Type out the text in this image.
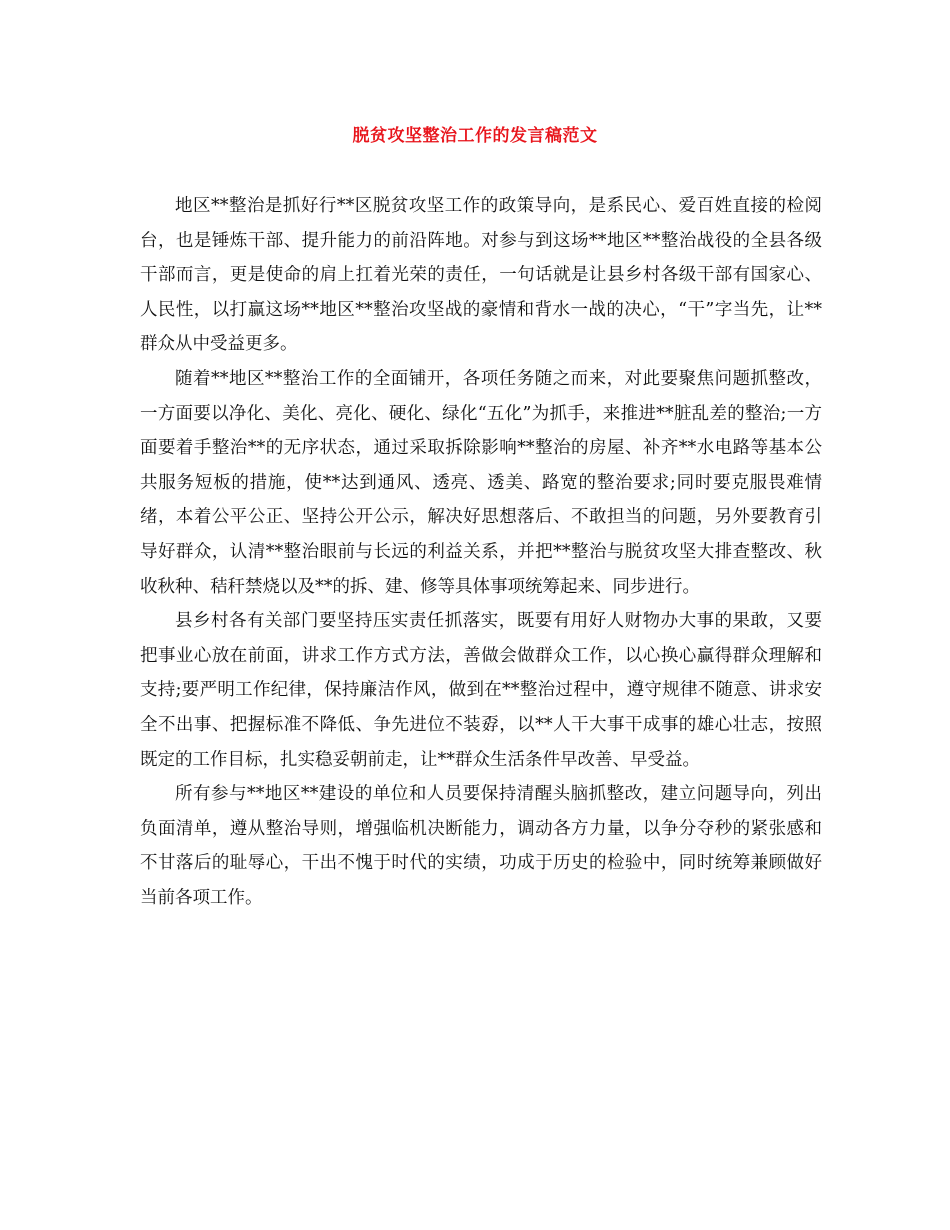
脱贫攻坚整治工作的发言稿范文

地区**整治是抓好行**区脱贫攻坚工作的政策导向，是系民心、爱百姓直接的检阅台，也是锤炼干部、提升能力的前沿阵地。对参与到这场**地区**整治战役的全县各级干部而言，更是使命的肩上扛着光荣的责任，一句话就是让县乡村各级干部有国家心、人民性，以打赢这场**地区**整治攻坚战的豪情和背水一战的决心，“干”字当先，让**群众从中受益更多。

随着**地区**整治工作的全面铺开，各项任务随之而来，对此要聚焦问题抓整改，一方面要以净化、美化、亮化、硬化、绿化“五化”为抓手，来推进**脏乱差的整治;一方面要着手整治**的无序状态，通过采取拆除影响**整治的房屋、补齐**水电路等基本公共服务短板的措施，使**达到通风、透亮、透美、路宽的整治要求;同时要克服畏难情绪，本着公平公正、坚持公开公示，解决好思想落后、不敢担当的问题，另外要教育引导好群众，认清**整治眼前与长远的利益关系，并把**整治与脱贫攻坚大排查整改、秋收秋种、秸秆禁烧以及**的拆、建、修等具体事项统筹起来、同步进行。

县乡村各有关部门要坚持压实责任抓落实，既要有用好人财物办大事的果敢，又要把事业心放在前面，讲求工作方式方法，善做会做群众工作，以心换心赢得群众理解和支持;要严明工作纪律，保持廉洁作风，做到在**整治过程中，遵守规律不随意、讲求安全不出事、把握标准不降低、争先进位不装孬，以**人干大事干成事的雄心壮志，按照既定的工作目标，扎实稳妥朝前走，让**群众生活条件早改善、早受益。

所有参与**地区**建设的单位和人员要保持清醒头脑抓整改，建立问题导向，列出负面清单，遵从整治导则，增强临机决断能力，调动各方力量，以争分夺秒的紧张感和不甘落后的耻辱心，干出不愧于时代的实绩，功成于历史的检验中，同时统筹兼顾做好当前各项工作。
